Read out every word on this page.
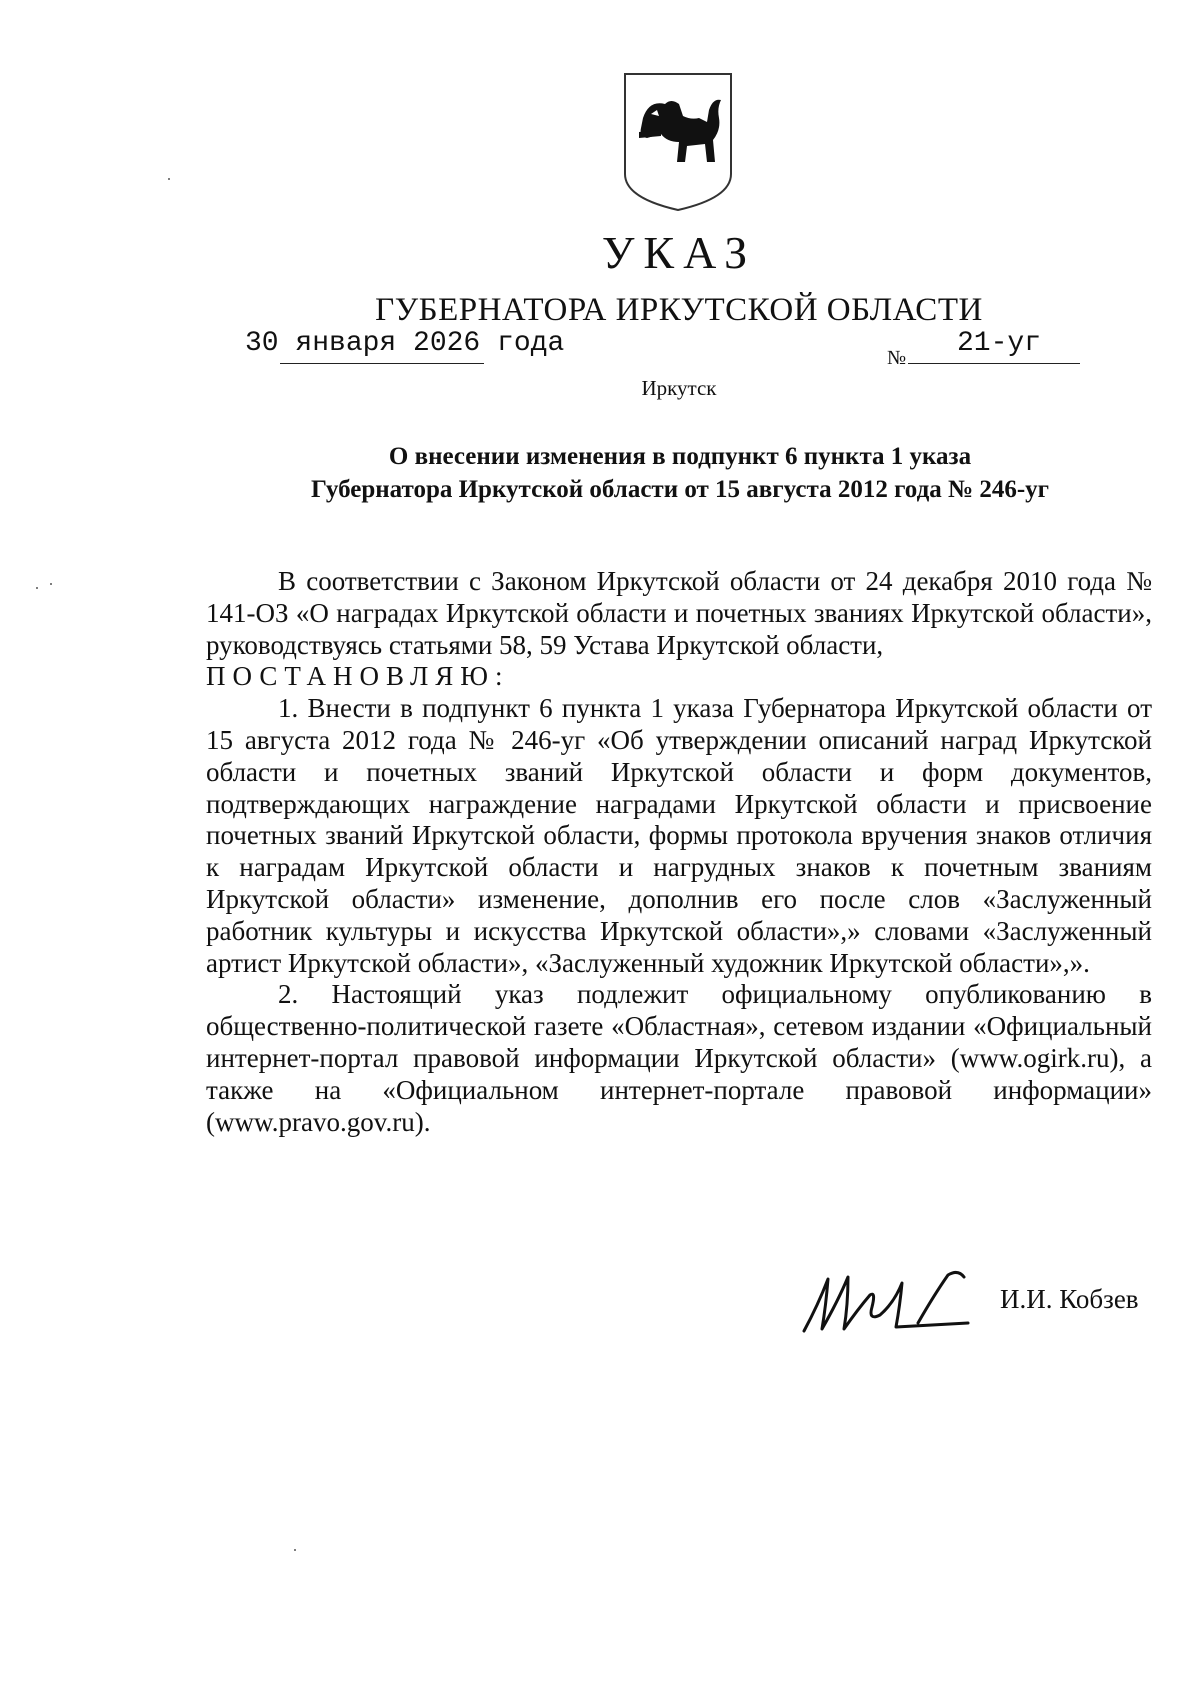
УКАЗ
ГУБЕРНАТОРА ИРКУТСКОЙ ОБЛАСТИ
30 января 2026 года	№ 21-уг
Иркутск
О внесении изменения в подпункт 6 пункта 1 указа
Губернатора Иркутской области от 15 августа 2012 года № 246-уг

В соответствии с Законом Иркутской области от 24 декабря 2010 года № 141-ОЗ «О наградах Иркутской области и почетных званиях Иркутской области», руководствуясь статьями 58, 59 Устава Иркутской области,

ПОСТАНОВЛЯЮ:

1. Внести в подпункт 6 пункта 1 указа Губернатора Иркутской области от 15 августа 2012 года № 246-уг «Об утверждении описаний наград Иркутской области и почетных званий Иркутской области и форм документов, подтверждающих награждение наградами Иркутской области и присвоение почетных званий Иркутской области, формы протокола вручения знаков отличия к наградам Иркутской области и нагрудных знаков к почетным званиям Иркутской области» изменение, дополнив его после слов «Заслуженный работник культуры и искусства Иркутской области»,» словами «Заслуженный артист Иркутской области», «Заслуженный художник Иркутской области»,».

2. Настоящий указ подлежит официальному опубликованию в общественно-политической газете «Областная», сетевом издании «Официальный интернет-портал правовой информации Иркутской области» (www.ogirk.ru), а также на «Официальном интернет-портале правовой информации» (www.pravo.gov.ru).

И.И. Кобзев
